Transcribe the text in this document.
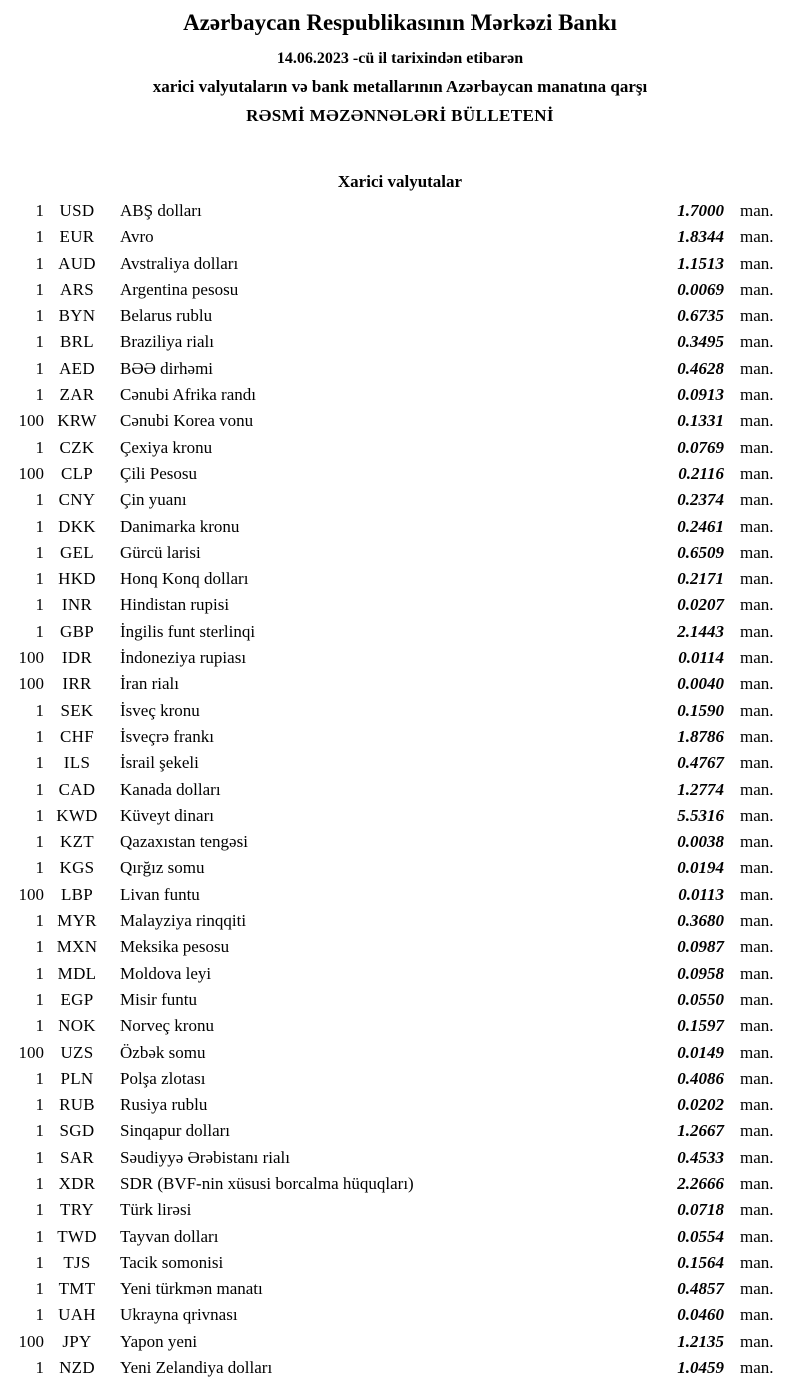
Azərbaycan Respublikasının Mərkəzi Bankı

14.06.2023 -cü il tarixindən etibarən

xarici valyutaların və bank metallarının Azərbaycan manatına qarşı

RƏSMİ MƏZƏNNƏLƏRİ BÜLLETENİ

Xarici valyutalar
1	USD	ABŞ dolları	1.7000	man.
1	EUR	Avro	1.8344	man.
1	AUD	Avstraliya dolları	1.1513	man.
1	ARS	Argentina pesosu	0.0069	man.
1	BYN	Belarus rublu	0.6735	man.
1	BRL	Braziliya rialı	0.3495	man.
1	AED	BƏƏ dirhəmi	0.4628	man.
1	ZAR	Cənubi Afrika randı	0.0913	man.
100	KRW	Cənubi Korea vonu	0.1331	man.
1	CZK	Çexiya kronu	0.0769	man.
100	CLP	Çili Pesosu	0.2116	man.
1	CNY	Çin yuanı	0.2374	man.
1	DKK	Danimarka kronu	0.2461	man.
1	GEL	Gürcü larisi	0.6509	man.
1	HKD	Honq Konq dolları	0.2171	man.
1	INR	Hindistan rupisi	0.0207	man.
1	GBP	İngilis funt sterlinqi	2.1443	man.
100	IDR	İndoneziya rupiası	0.0114	man.
100	IRR	İran rialı	0.0040	man.
1	SEK	İsveç kronu	0.1590	man.
1	CHF	İsveçrə frankı	1.8786	man.
1	ILS	İsrail şekeli	0.4767	man.
1	CAD	Kanada dolları	1.2774	man.
1	KWD	Küveyt dinarı	5.5316	man.
1	KZT	Qazaxıstan tengəsi	0.0038	man.
1	KGS	Qırğız somu	0.0194	man.
100	LBP	Livan funtu	0.0113	man.
1	MYR	Malayziya rinqqiti	0.3680	man.
1	MXN	Meksika pesosu	0.0987	man.
1	MDL	Moldova leyi	0.0958	man.
1	EGP	Misir funtu	0.0550	man.
1	NOK	Norveç kronu	0.1597	man.
100	UZS	Özbək somu	0.0149	man.
1	PLN	Polşa zlotası	0.4086	man.
1	RUB	Rusiya rublu	0.0202	man.
1	SGD	Sinqapur dolları	1.2667	man.
1	SAR	Səudiyyə Ərəbistanı rialı	0.4533	man.
1	XDR	SDR (BVF-nin xüsusi borcalma hüquqları)	2.2666	man.
1	TRY	Türk lirəsi	0.0718	man.
1	TWD	Tayvan dolları	0.0554	man.
1	TJS	Tacik somonisi	0.1564	man.
1	TMT	Yeni türkmən manatı	0.4857	man.
1	UAH	Ukrayna qrivnası	0.0460	man.
100	JPY	Yapon yeni	1.2135	man.
1	NZD	Yeni Zelandiya dolları	1.0459	man.
